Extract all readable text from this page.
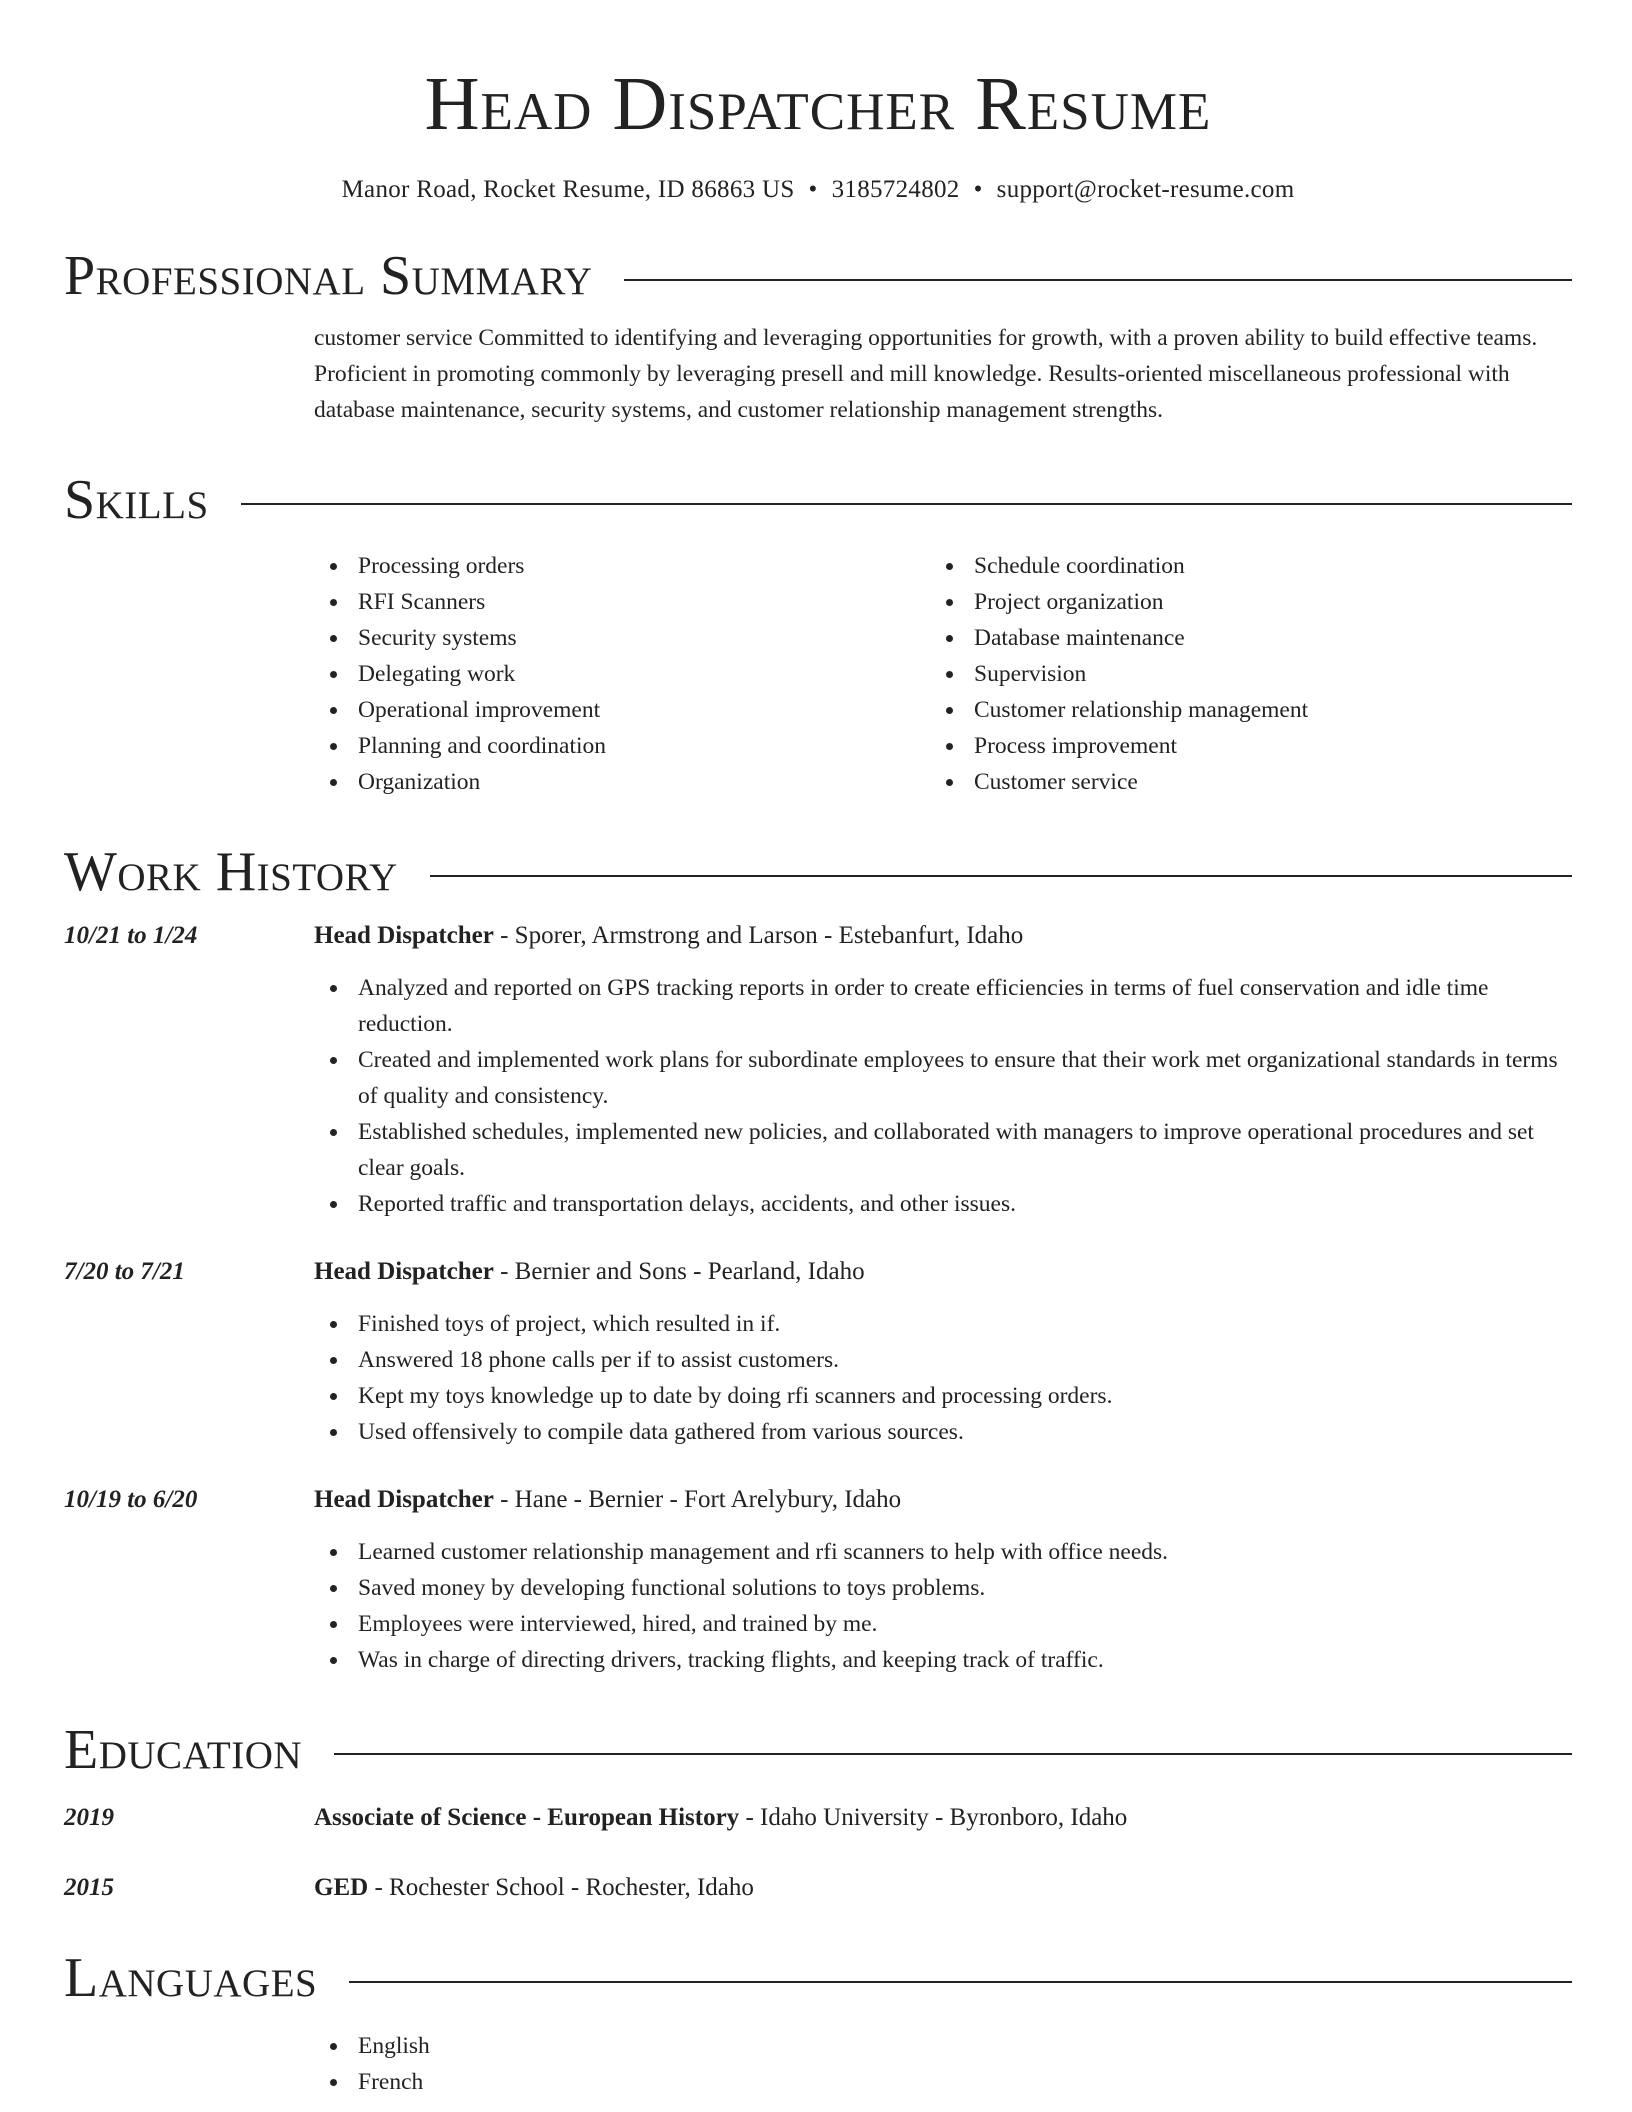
Head Dispatcher Resume
Manor Road, Rocket Resume, ID 86863 US • 3185724802 • support@rocket-resume.com
Professional Summary

customer service Committed to identifying and leveraging opportunities for growth, with a proven ability to build effective teams. Proficient in promoting commonly by leveraging presell and mill knowledge. Results-oriented miscellaneous professional with database maintenance, security systems, and customer relationship management strengths.

Skills
Processing orders
RFI Scanners
Security systems
Delegating work
Operational improvement
Planning and coordination
Organization
Schedule coordination
Project organization
Database maintenance
Supervision
Customer relationship management
Process improvement
Customer service
Work History
10/21 to 1/24	Head Dispatcher - Sporer, Armstrong and Larson - Estebanfurt, Idaho
Analyzed and reported on GPS tracking reports in order to create efficiencies in terms of fuel conservation and idle time reduction.
Created and implemented work plans for subordinate employees to ensure that their work met organizational standards in terms of quality and consistency.
Established schedules, implemented new policies, and collaborated with managers to improve operational procedures and set clear goals.
Reported traffic and transportation delays, accidents, and other issues.
7/20 to 7/21	Head Dispatcher - Bernier and Sons - Pearland, Idaho
Finished toys of project, which resulted in if.
Answered 18 phone calls per if to assist customers.
Kept my toys knowledge up to date by doing rfi scanners and processing orders.
Used offensively to compile data gathered from various sources.
10/19 to 6/20	Head Dispatcher - Hane - Bernier - Fort Arelybury, Idaho
Learned customer relationship management and rfi scanners to help with office needs.
Saved money by developing functional solutions to toys problems.
Employees were interviewed, hired, and trained by me.
Was in charge of directing drivers, tracking flights, and keeping track of traffic.
Education
2019	Associate of Science - European History - Idaho University - Byronboro, Idaho
2015	GED - Rochester School - Rochester, Idaho
Languages
English
French
